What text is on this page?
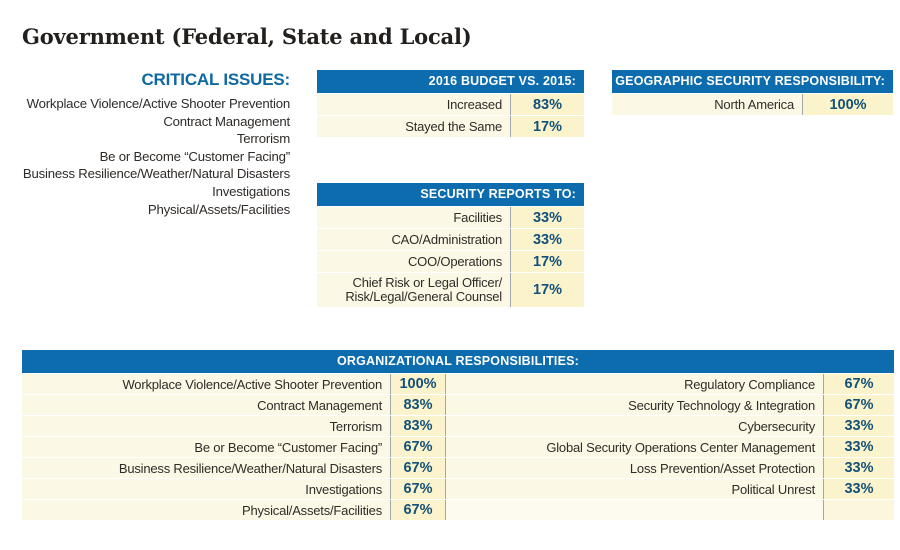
Government (Federal, State and Local)
CRITICAL ISSUES:
Workplace Violence/Active Shooter Prevention
Contract Management
Terrorism
Be or Become “Customer Facing”
Business Resilience/Weather/Natural Disasters
Investigations
Physical/Assets/Facilities
2016 BUDGET VS. 2015:
Increased	83%
Stayed the Same	17%
GEOGRAPHIC SECURITY RESPONSIBILITY:
North America	100%
SECURITY REPORTS TO:
Facilities	33%
CAO/Administration	33%
COO/Operations	17%
Chief Risk or Legal Officer/
Risk/Legal/General Counsel	17%
ORGANIZATIONAL RESPONSIBILITIES:
Workplace Violence/Active Shooter Prevention	100%	Regulatory Compliance	67%
Contract Management	83%	Security Technology & Integration	67%
Terrorism	83%	Cybersecurity	33%
Be or Become “Customer Facing”	67%	Global Security Operations Center Management	33%
Business Resilience/Weather/Natural Disasters	67%	Loss Prevention/Asset Protection	33%
Investigations	67%	Political Unrest	33%
Physical/Assets/Facilities	67%
